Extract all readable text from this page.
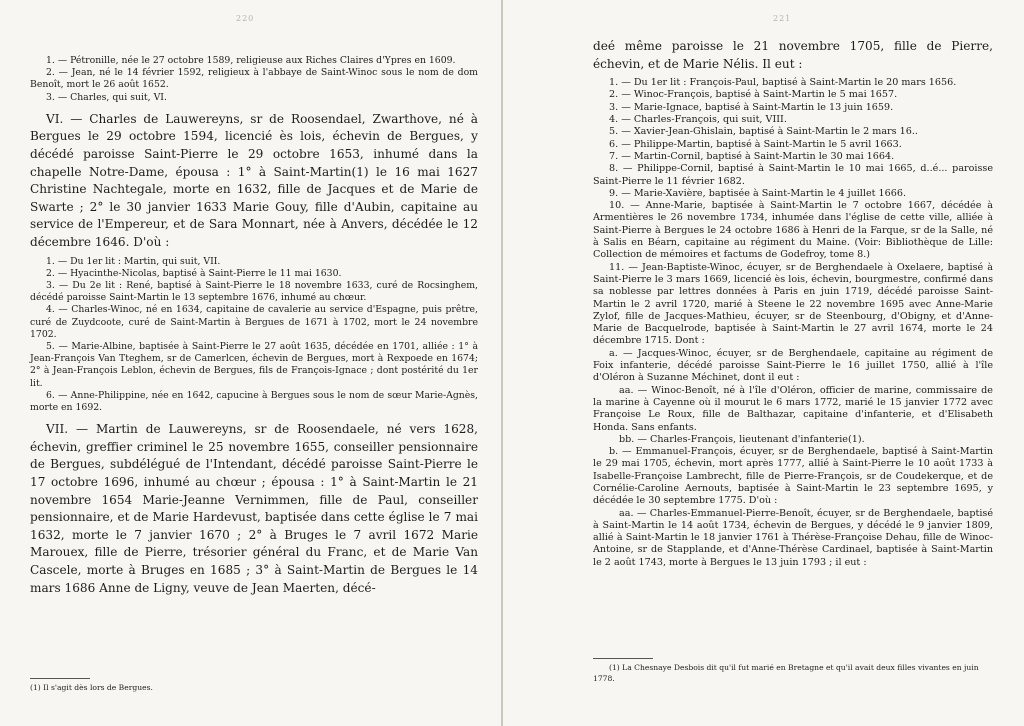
220

1. — Pétronille, née le 27 octobre 1589, religieuse aux Riches Claires d'Ypres en 1609.

2. — Jean, né le 14 février 1592, religieux à l'abbaye de Saint-Winoc sous le nom de dom Benoît, mort le 26 août 1652.

3. — Charles, qui suit, VI.

VI. — Charles de Lauwereyns, sr de Roosendael, Zwarthove, né à Bergues le 29 octobre 1594, licencié ès lois, échevin de Bergues, y décédé paroisse Saint-Pierre le 29 octobre 1653, inhumé dans la chapelle Notre-Dame, épousa : 1° à Saint-Martin(1) le 16 mai 1627 Christine Nachtegale, morte en 1632, fille de Jacques et de Marie de Swarte ; 2° le 30 janvier 1633 Marie Gouy, fille d'Aubin, capitaine au service de l'Empereur, et de Sara Monnart, née à Anvers, décédée le 12 décembre 1646. D'où :

1. — Du 1er lit : Martin, qui suit, VII.

2. — Hyacinthe-Nicolas, baptisé à Saint-Pierre le 11 mai 1630.

3. — Du 2e lit : René, baptisé à Saint-Pierre le 18 novembre 1633, curé de Rocsinghem, décédé paroisse Saint-Martin le 13 septembre 1676, inhumé au chœur.

4. — Charles-Winoc, né en 1634, capitaine de cavalerie au service d'Espagne, puis prêtre, curé de Zuydcoote, curé de Saint-Martin à Bergues de 1671 à 1702, mort le 24 novembre 1702.

5. — Marie-Albine, baptisée à Saint-Pierre le 27 août 1635, décédée en 1701, alliée : 1° à Jean-François Van Tteghem, sr de Camerlcen, échevin de Bergues, mort à Rexpoede en 1674; 2° à Jean-François Leblon, échevin de Bergues, fils de François-Ignace ; dont postérité du 1er lit.

6. — Anne-Philippine, née en 1642, capucine à Bergues sous le nom de sœur Marie-Agnès, morte en 1692.

VII. — Martin de Lauwereyns, sr de Roosendaele, né vers 1628, échevin, greffier criminel le 25 novembre 1655, conseiller pensionnaire de Bergues, subdélégué de l'Intendant, décédé paroisse Saint-Pierre le 17 octobre 1696, inhumé au chœur ; épousa : 1° à Saint-Martin le 21 novembre 1654 Marie-Jeanne Vernimmen, fille de Paul, conseiller pensionnaire, et de Marie Hardevust, baptisée dans cette église le 7 mai 1632, morte le 7 janvier 1670 ; 2° à Bruges le 7 avril 1672 Marie Marouex, fille de Pierre, trésorier général du Franc, et de Marie Van Cascele, morte à Bruges en 1685 ; 3° à Saint-Martin de Bergues le 14 mars 1686 Anne de Ligny, veuve de Jean Maerten, décé-

(1) Il s'agit dès lors de Bergues.

221

deé même paroisse le 21 novembre 1705, fille de Pierre, échevin, et de Marie Nélis. Il eut :

1. — Du 1er lit : François-Paul, baptisé à Saint-Martin le 20 mars 1656.

2. — Winoc-François, baptisé à Saint-Martin le 5 mai 1657.

3. — Marie-Ignace, baptisé à Saint-Martin le 13 juin 1659.

4. — Charles-François, qui suit, VIII.

5. — Xavier-Jean-Ghislain, baptisé à Saint-Martin le 2 mars 16..

6. — Philippe-Martin, baptisé à Saint-Martin le 5 avril 1663.

7. — Martin-Cornil, baptisé à Saint-Martin le 30 mai 1664.

8. — Philippe-Cornil, baptisé à Saint-Martin le 10 mai 1665, d..é... paroisse Saint-Pierre le 11 février 1682.

9. — Marie-Xavière, baptisée à Saint-Martin le 4 juillet 1666.

10. — Anne-Marie, baptisée à Saint-Martin le 7 octobre 1667, décédée à Armentières le 26 novembre 1734, inhumée dans l'église de cette ville, alliée à Saint-Pierre à Bergues le 24 octobre 1686 à Henri de la Farque, sr de la Salle, né à Salis en Béarn, capitaine au régiment du Maine. (Voir: Bibliothèque de Lille: Collection de mémoires et factums de Godefroy, tome 8.)

11. — Jean-Baptiste-Winoc, écuyer, sr de Berghendaele à Oxelaere, baptisé à Saint-Pierre le 3 mars 1669, licencié ès lois, échevin, bourgmestre, confirmé dans sa noblesse par lettres données à Paris en juin 1719, décédé paroisse Saint-Martin le 2 avril 1720, marié à Steene le 22 novembre 1695 avec Anne-Marie Zylof, fille de Jacques-Mathieu, écuyer, sr de Steenbourg, d'Obigny, et d'Anne-Marie de Bacquelrode, baptisée à Saint-Martin le 27 avril 1674, morte le 24 décembre 1715. Dont :

a. — Jacques-Winoc, écuyer, sr de Berghendaele, capitaine au régiment de Foix infanterie, décédé paroisse Saint-Pierre le 16 juillet 1750, allié à l'île d'Oléron à Suzanne Méchinet, dont il eut :

aa. — Winoc-Benoît, né à l'île d'Oléron, officier de marine, commissaire de la marine à Cayenne où il mourut le 6 mars 1772, marié le 15 janvier 1772 avec Françoise Le Roux, fille de Balthazar, capitaine d'infanterie, et d'Elisabeth Honda. Sans enfants.

bb. — Charles-François, lieutenant d'infanterie(1).

b. — Emmanuel-François, écuyer, sr de Berghendaele, baptisé à Saint-Martin le 29 mai 1705, échevin, mort après 1777, allié à Saint-Pierre le 10 août 1733 à Isabelle-Françoise Lambrecht, fille de Pierre-François, sr de Coudekerque, et de Cornélie-Caroline Aernouts, baptisée à Saint-Martin le 23 septembre 1695, y décédée le 30 septembre 1775. D'où :

aa. — Charles-Emmanuel-Pierre-Benoît, écuyer, sr de Berghendaele, baptisé à Saint-Martin le 14 août 1734, échevin de Bergues, y décédé le 9 janvier 1809, allié à Saint-Martin le 18 janvier 1761 à Thérèse-Françoise Dehau, fille de Winoc-Antoine, sr de Stapplande, et d'Anne-Thérèse Cardinael, baptisée à Saint-Martin le 2 août 1743, morte à Bergues le 13 juin 1793 ; il eut :

(1) La Chesnaye Desbois dit qu'il fut marié en Bretagne et qu'il avait deux filles vivantes en juin 1778.
